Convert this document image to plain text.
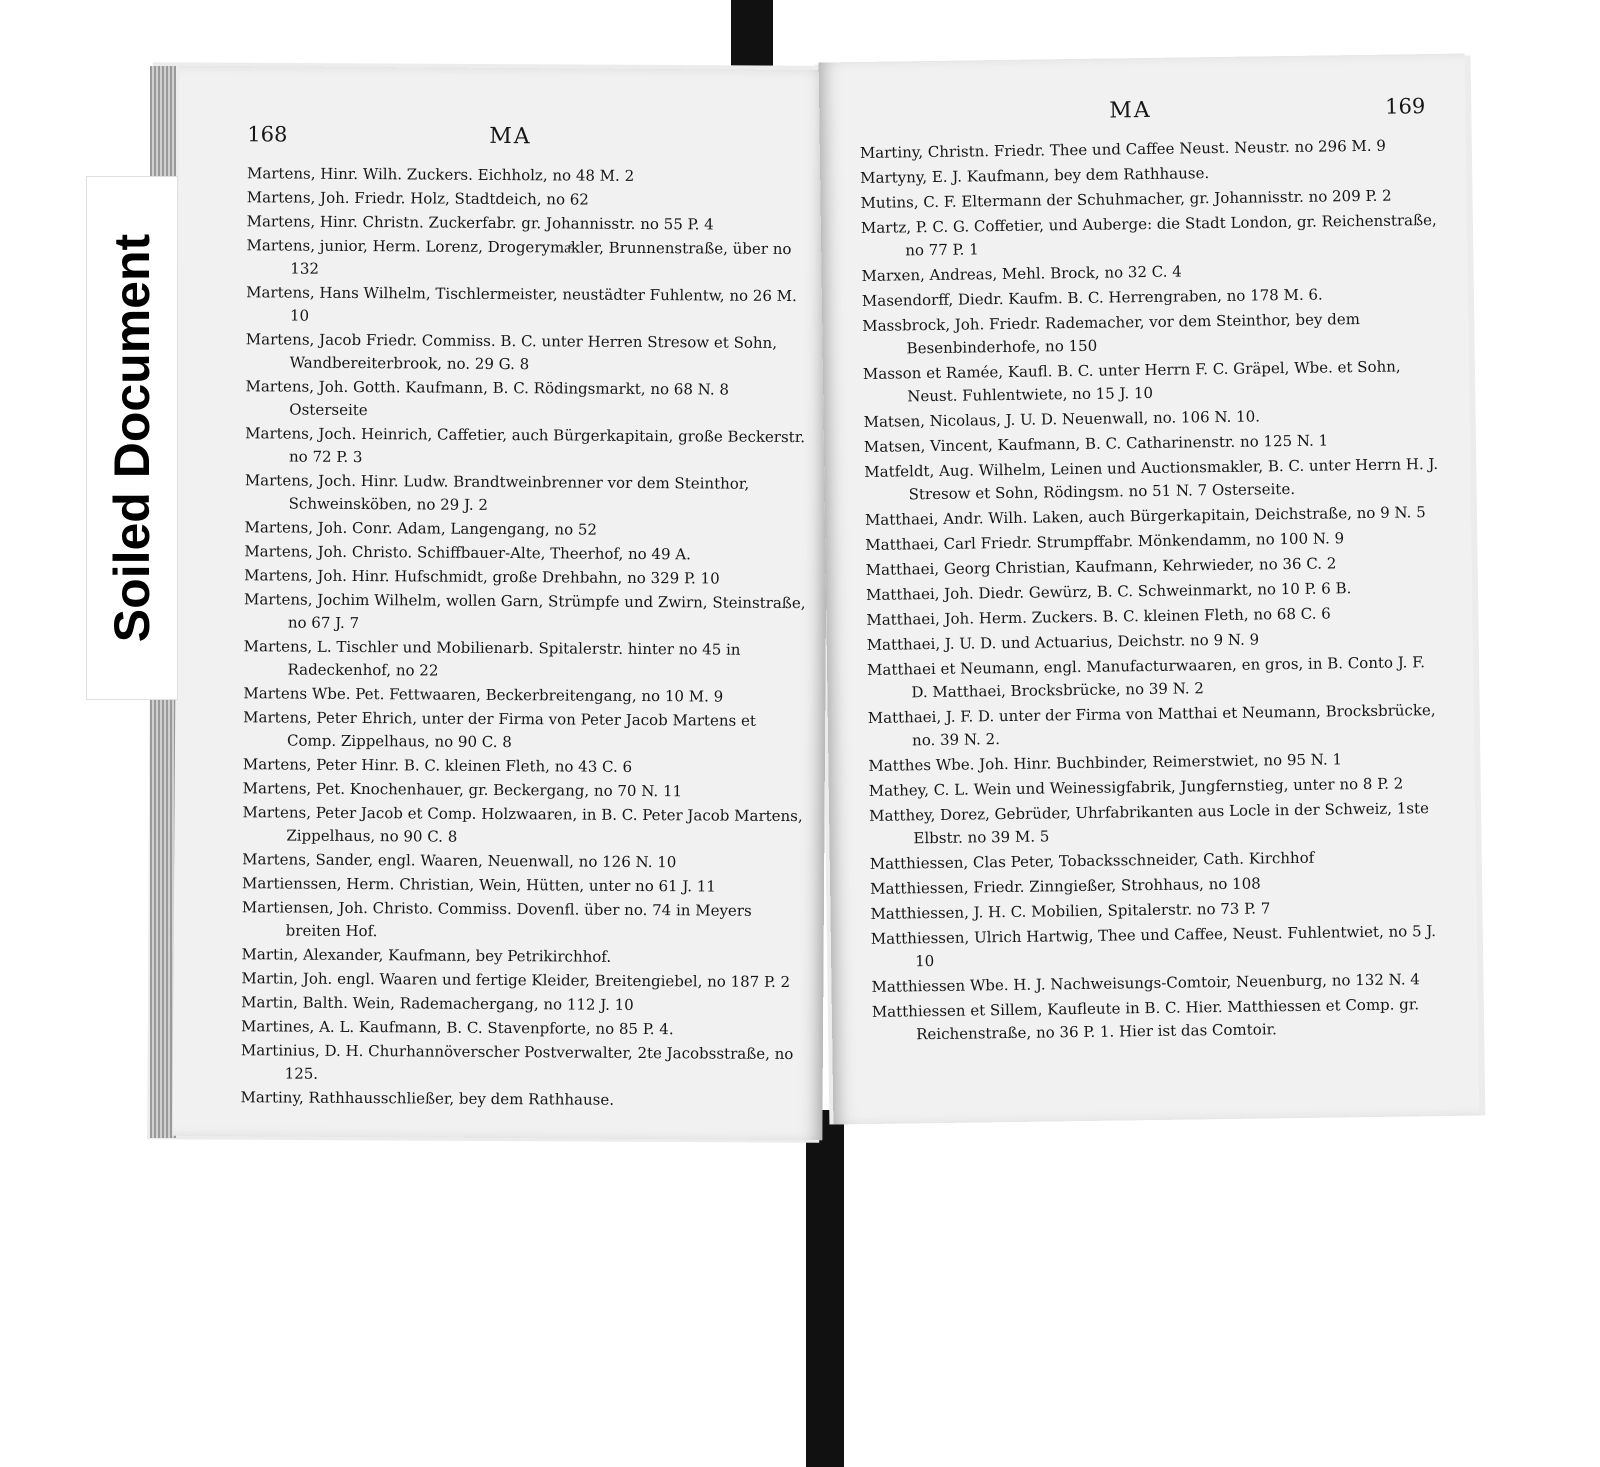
168	MA
Martens, Hinr. Wilh. Zuckers. Eichholz, no 48 M. 2
Martens, Joh. Friedr. Holz, Stadtdeich, no 62
Martens, Hinr. Christn. Zuckerfabr. gr. Johannisstr. no 55 P. 4
Martens, junior, Herm. Lorenz, Drogerymaͤkler, Brunnenstraße, über no 132
Martens, Hans Wilhelm, Tischlermeister, neustädter Fuhlentw, no 26 M. 10
Martens, Jacob Friedr. Commiss. B. C. unter Herren Stresow et Sohn, Wandbereiterbrook, no. 29 G. 8
Martens, Joh. Gotth. Kaufmann, B. C. Rödingsmarkt, no 68 N. 8 Osterseite
Martens, Joch. Heinrich, Caffetier, auch Bürgerkapitain, große Beckerstr. no 72 P. 3
Martens, Joch. Hinr. Ludw. Brandtweinbrenner vor dem Steinthor, Schweinsköben, no 29 J. 2
Martens, Joh. Conr. Adam, Langengang, no 52
Martens, Joh. Christo. Schiffbauer-Alte, Theerhof, no 49 A.
Martens, Joh. Hinr. Hufschmidt, große Drehbahn, no 329 P. 10
Martens, Jochim Wilhelm, wollen Garn, Strümpfe und Zwirn, Steinstraße, no 67 J. 7
Martens, L. Tischler und Mobilienarb. Spitalerstr. hinter no 45 in Radeckenhof, no 22
Martens Wbe. Pet. Fettwaaren, Beckerbreitengang, no 10 M. 9
Martens, Peter Ehrich, unter der Firma von Peter Jacob Martens et Comp. Zippelhaus, no 90 C. 8
Martens, Peter Hinr. B. C. kleinen Fleth, no 43 C. 6
Martens, Pet. Knochenhauer, gr. Beckergang, no 70 N. 11
Martens, Peter Jacob et Comp. Holzwaaren, in B. C. Peter Jacob Martens, Zippelhaus, no 90 C. 8
Martens, Sander, engl. Waaren, Neuenwall, no 126 N. 10
Martienssen, Herm. Christian, Wein, Hütten, unter no 61 J. 11
Martiensen, Joh. Christo. Commiss. Dovenfl. über no. 74 in Meyers breiten Hof.
Martin, Alexander, Kaufmann, bey Petrikirchhof.
Martin, Joh. engl. Waaren und fertige Kleider, Breitengiebel, no 187 P. 2
Martin, Balth. Wein, Rademachergang, no 112 J. 10
Martines, A. L. Kaufmann, B. C. Stavenpforte, no 85 P. 4.
Martinius, D. H. Churhannöverscher Postverwalter, 2te Jacobsstraße, no 125.
Martiny, Rathhausschließer, bey dem Rathhause.
MA	169
Martiny, Christn. Friedr. Thee und Caffee Neust. Neustr. no 296 M. 9
Martyny, E. J. Kaufmann, bey dem Rathhause.
Mutins, C. F. Eltermann der Schuhmacher, gr. Johannisstr. no 209 P. 2
Martz, P. C. G. Coffetier, und Auberge: die Stadt London, gr. Reichenstraße, no 77 P. 1
Marxen, Andreas, Mehl. Brock, no 32 C. 4
Masendorff, Diedr. Kaufm. B. C. Herrengraben, no 178 M. 6.
Massbrock, Joh. Friedr. Rademacher, vor dem Steinthor, bey dem Besenbinderhofe, no 150
Masson et Ramée, Kaufl. B. C. unter Herrn F. C. Gräpel, Wbe. et Sohn, Neust. Fuhlentwiete, no 15 J. 10
Matsen, Nicolaus, J. U. D. Neuenwall, no. 106 N. 10.
Matsen, Vincent, Kaufmann, B. C. Catharinenstr. no 125 N. 1
Matfeldt, Aug. Wilhelm, Leinen und Auctionsmakler, B. C. unter Herrn H. J. Stresow et Sohn, Rödingsm. no 51 N. 7 Osterseite.
Matthaei, Andr. Wilh. Laken, auch Bürgerkapitain, Deichstraße, no 9 N. 5
Matthaei, Carl Friedr. Strumpffabr. Mönkendamm, no 100 N. 9
Matthaei, Georg Christian, Kaufmann, Kehrwieder, no 36 C. 2
Matthaei, Joh. Diedr. Gewürz, B. C. Schweinmarkt, no 10 P. 6 B.
Matthaei, Joh. Herm. Zuckers. B. C. kleinen Fleth, no 68 C. 6
Matthaei, J. U. D. und Actuarius, Deichstr. no 9 N. 9
Matthaei et Neumann, engl. Manufacturwaaren, en gros, in B. Conto J. F. D. Matthaei, Brocksbrücke, no 39 N. 2
Matthaei, J. F. D. unter der Firma von Matthai et Neumann, Brocksbrücke, no. 39 N. 2.
Matthes Wbe. Joh. Hinr. Buchbinder, Reimerstwiet, no 95 N. 1
Mathey, C. L. Wein und Weinessigfabrik, Jungfernstieg, unter no 8 P. 2
Matthey, Dorez, Gebrüder, Uhrfabrikanten aus Locle in der Schweiz, 1ste Elbstr. no 39 M. 5
Matthiessen, Clas Peter, Tobacksschneider, Cath. Kirchhof
Matthiessen, Friedr. Zinngießer, Strohhaus, no 108
Matthiessen, J. H. C. Mobilien, Spitalerstr. no 73 P. 7
Matthiessen, Ulrich Hartwig, Thee und Caffee, Neust. Fuhlentwiet, no 5 J. 10
Matthiessen Wbe. H. J. Nachweisungs-Comtoir, Neuenburg, no 132 N. 4
Matthiessen et Sillem, Kaufleute in B. C. Hier. Matthiessen et Comp. gr. Reichenstraße, no 36 P. 1. Hier ist das Comtoir.
Soiled Document
